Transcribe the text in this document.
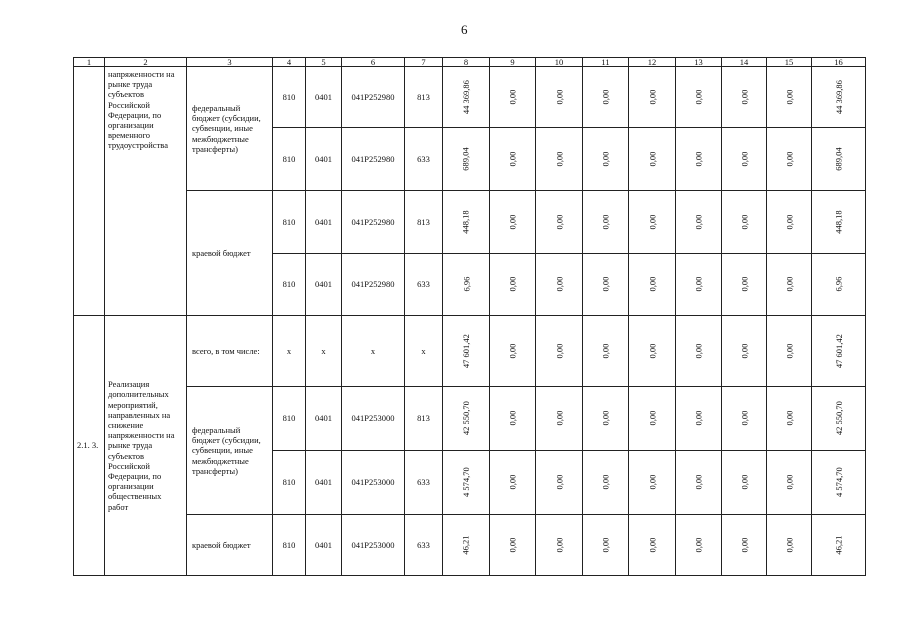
6
1	2	3	4	5	6	7	8	9	10	11	12	13	14	15	16
	напряженности на рынке труда субъектов Российской Федерации, по организации временного трудоустройства	федеральный бюджет (субсидии, субвенции, иные межбюджетные трансферты)	810	0401	041P252980	813	44 369,86	0,00	0,00	0,00	0,00	0,00	0,00	0,00	44 369,86
			810	0401	041P252980	633	689,04	0,00	0,00	0,00	0,00	0,00	0,00	0,00	689,04
		краевой бюджет	810	0401	041P252980	813	448,18	0,00	0,00	0,00	0,00	0,00	0,00	0,00	448,18
			810	0401	041P252980	633	6,96	0,00	0,00	0,00	0,00	0,00	0,00	0,00	6,96
2.1. 3.	Реализация дополнительных мероприятий, направленных на снижение напряженности на рынке труда субъектов Российской Федерации, по организации общественных работ	всего, в том числе:	х	х	х	х	47 601,42	0,00	0,00	0,00	0,00	0,00	0,00	0,00	47 601,42
		федеральный бюджет (субсидии, субвенции, иные межбюджетные трансферты)	810	0401	041P253000	813	42 550,70	0,00	0,00	0,00	0,00	0,00	0,00	0,00	42 550,70
			810	0401	041P253000	633	4 574,70	0,00	0,00	0,00	0,00	0,00	0,00	0,00	4 574,70
		краевой бюджет	810	0401	041P253000	633	46,21	0,00	0,00	0,00	0,00	0,00	0,00	0,00	46,21
